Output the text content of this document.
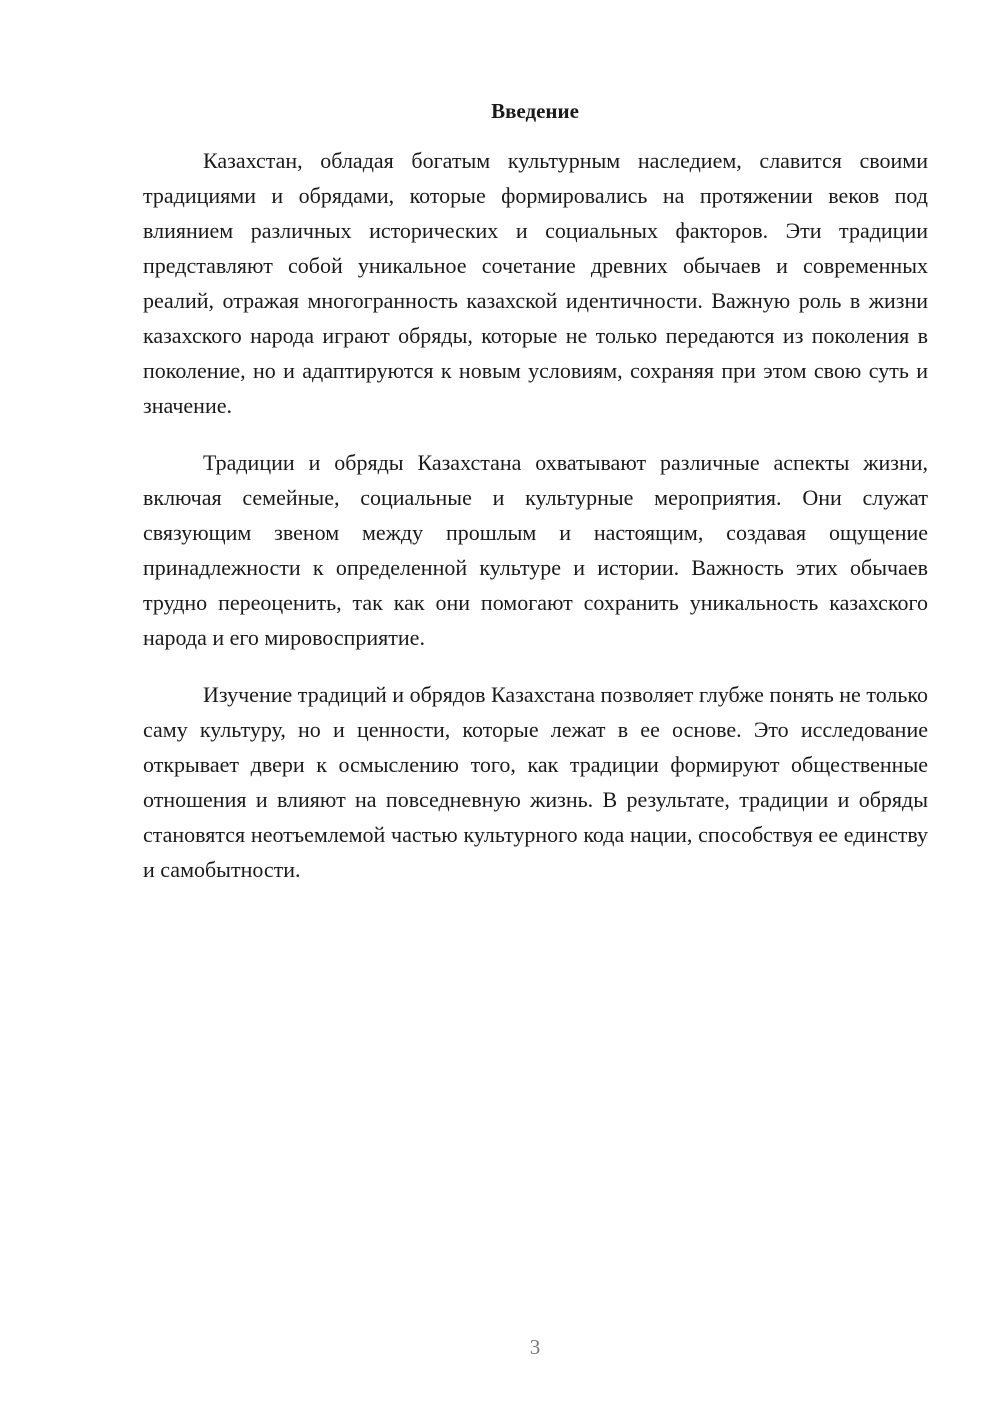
Введение

Казахстан, обладая богатым культурным наследием, славится своими традициями и обрядами, которые формировались на протяжении веков под влиянием различных исторических и социальных факторов. Эти традиции представляют собой уникальное сочетание древних обычаев и современных реалий, отражая многогранность казахской идентичности. Важную роль в жизни казахского народа играют обряды, которые не только передаются из поколения в поколение, но и адаптируются к новым условиям, сохраняя при этом свою суть и значение.

Традиции и обряды Казахстана охватывают различные аспекты жизни, включая семейные, социальные и культурные мероприятия. Они служат связующим звеном между прошлым и настоящим, создавая ощущение принадлежности к определенной культуре и истории. Важность этих обычаев трудно переоценить, так как они помогают сохранить уникальность казахского народа и его мировосприятие.

Изучение традиций и обрядов Казахстана позволяет глубже понять не только саму культуру, но и ценности, которые лежат в ее основе. Это исследование открывает двери к осмыслению того, как традиции формируют общественные отношения и влияют на повседневную жизнь. В результате, традиции и обряды становятся неотъемлемой частью культурного кода нации, способствуя ее единству и самобытности.

3
